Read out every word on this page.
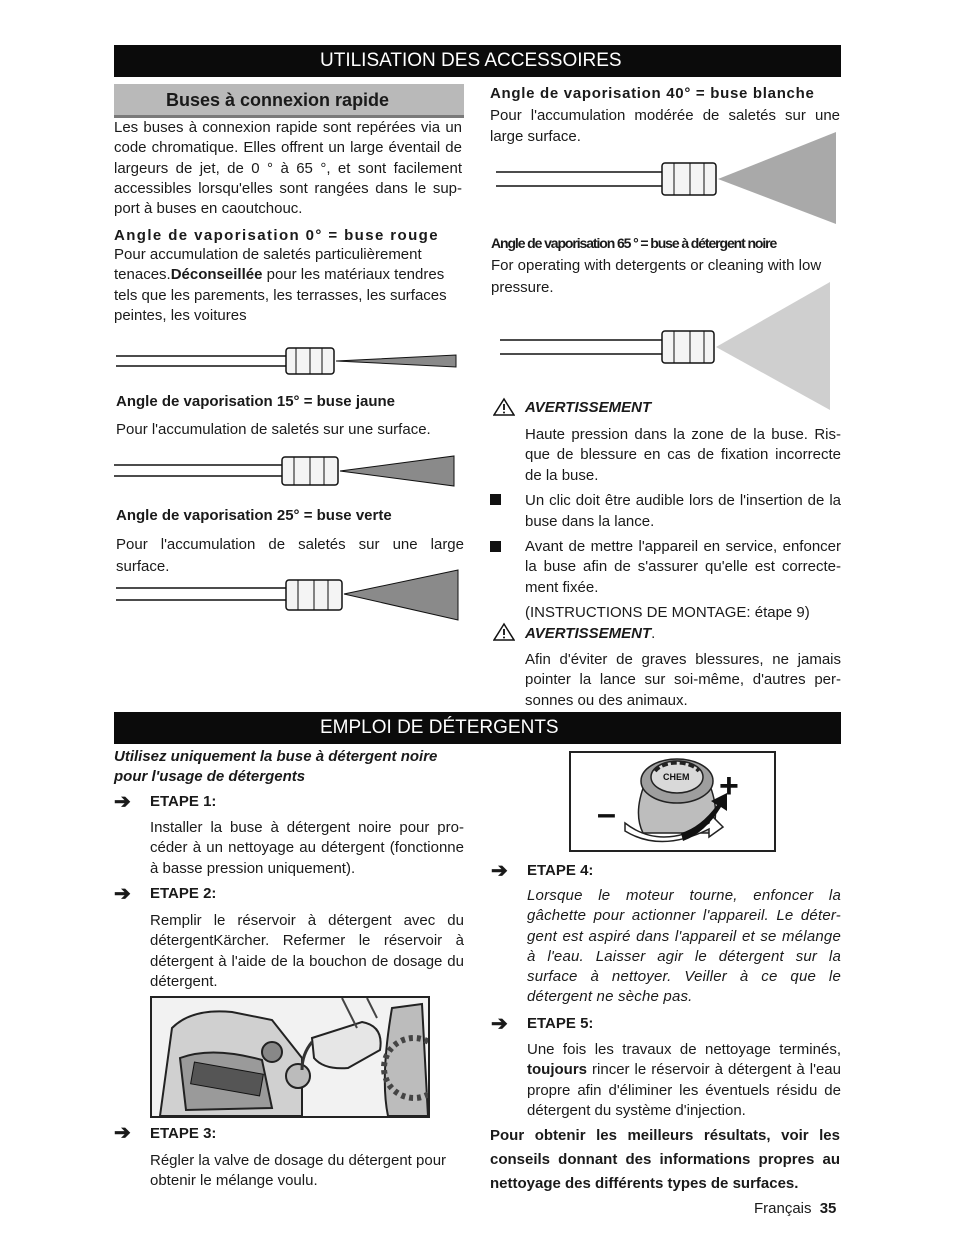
UTILISATION DES ACCESSOIRES
Buses à connexion rapide
Les buses à connexion rapide sont repérées via un code chromatique. Elles offrent un large éventail de largeurs de jet, de 0 ° à 65 °, et sont facilement accessibles lorsqu'elles sont rangées dans le sup-port à buses en caoutchouc.
Angle de vaporisation 0° = buse rouge
Pour accumulation de saletés particulièrement tenaces.Déconseillée pour les matériaux tendres tels que les parements, les terrasses, les surfaces peintes, les voitures
Angle de vaporisation 15° = buse jaune
Pour l'accumulation de saletés sur une surface.
Angle de vaporisation 25° = buse verte
Pour l'accumulation de saletés sur une large surface.
Angle de vaporisation 40° = buse blanche
Pour l'accumulation modérée de saletés sur une large surface.
Angle de vaporisation 65 ° = buse à détergent noire
For operating with detergents or cleaning with low pressure.
AVERTISSEMENT
Haute pression dans la zone de la buse. Ris-que de blessure en cas de fixation incorrecte de la buse.
Un clic doit être audible lors de l'insertion de la buse dans la lance.
Avant de mettre l'appareil en service, enfoncer la buse afin de s'assurer qu'elle est correcte-ment fixée.
(INSTRUCTIONS DE MONTAGE: étape 9)
AVERTISSEMENT.
Afin d'éviter de graves blessures, ne jamais pointer la lance sur soi-même, d'autres per-sonnes ou des animaux.
EMPLOI DE DÉTERGENTS
Utilisez uniquement la buse à détergent noire pour l'usage de détergents
➔ ETAPE 1:
Installer la buse à détergent noire pour pro-céder à un nettoyage au détergent (fonctionne à basse pression uniquement).
➔ ETAPE 2:
Remplir le réservoir à détergent avec du détergentKärcher. Refermer le réservoir à détergent à l'aide de la bouchon de dosage du détergent.
➔ ETAPE 3:
Régler la valve de dosage du détergent pour obtenir le mélange voulu.
CHEM
–
+
➔ ETAPE 4:
Lorsque le moteur tourne, enfoncer la gâchette pour actionner l'appareil. Le déter-gent est aspiré dans l'appareil et se mélange à l'eau. Laisser agir le détergent sur la surface à nettoyer. Veiller à ce que le détergent ne sèche pas.
➔ ETAPE 5:
Une fois les travaux de nettoyage terminés, toujours rincer le réservoir à détergent à l'eau propre afin d'éliminer les éventuels résidu de détergent du système d'injection.
Pour obtenir les meilleurs résultats, voir les conseils donnant des informations propres au nettoyage des différents types de surfaces.
Français 35
